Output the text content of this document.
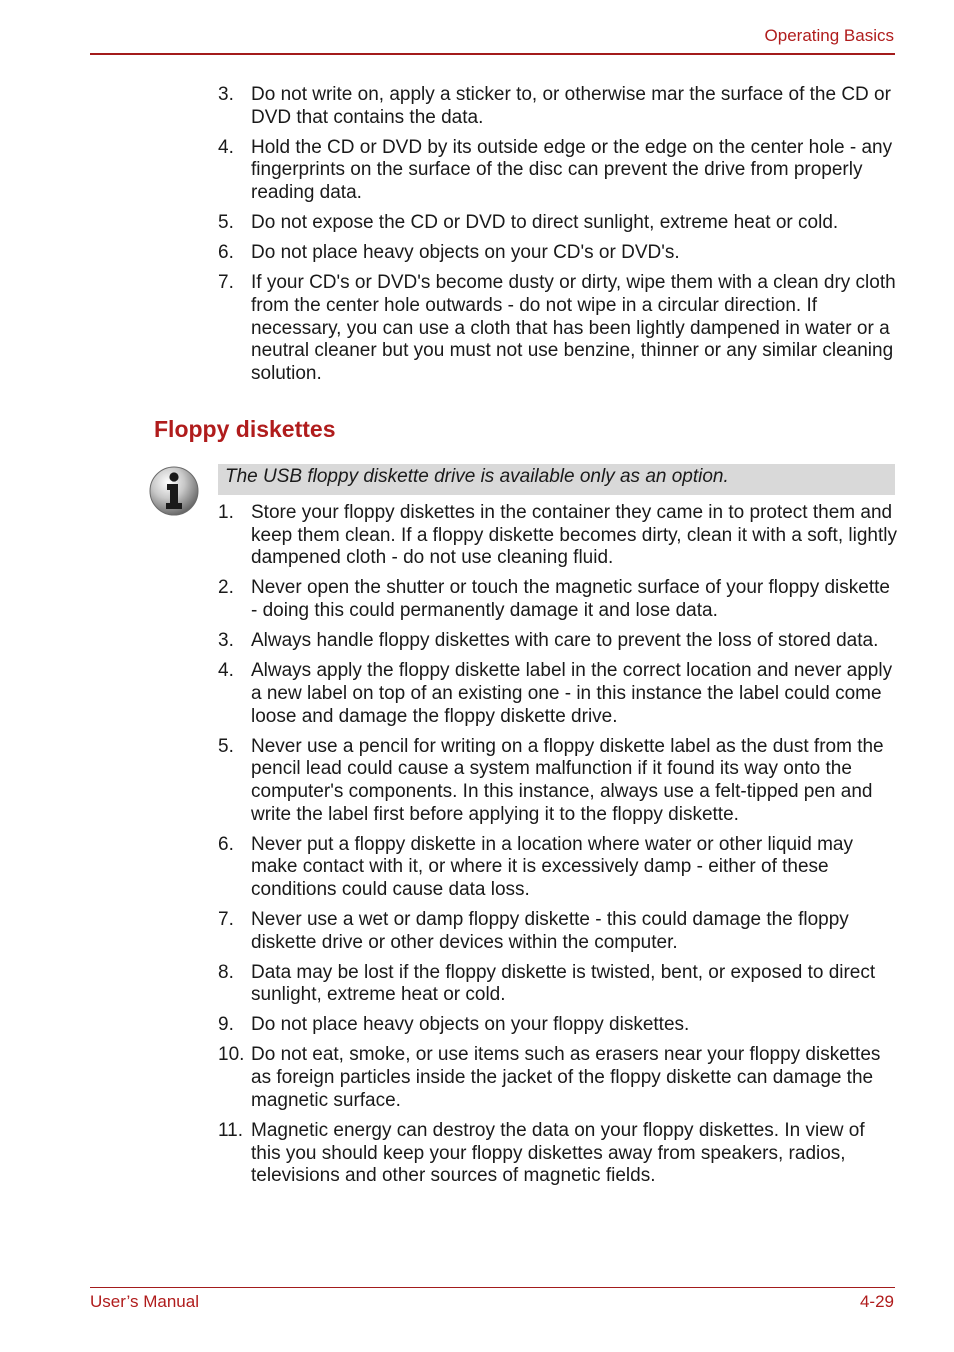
Operating Basics
3. Do not write on, apply a sticker to, or otherwise mar the surface of the CD or DVD that contains the data.
4. Hold the CD or DVD by its outside edge or the edge on the center hole - any fingerprints on the surface of the disc can prevent the drive from properly reading data.
5. Do not expose the CD or DVD to direct sunlight, extreme heat or cold.
6. Do not place heavy objects on your CD's or DVD's.
7. If your CD's or DVD's become dusty or dirty, wipe them with a clean dry cloth from the center hole outwards - do not wipe in a circular direction. If necessary, you can use a cloth that has been lightly dampened in water or a neutral cleaner but you must not use benzine, thinner or any similar cleaning solution.
Floppy diskettes
The USB floppy diskette drive is available only as an option.
1. Store your floppy diskettes in the container they came in to protect them and keep them clean. If a floppy diskette becomes dirty, clean it with a soft, lightly dampened cloth - do not use cleaning fluid.
2. Never open the shutter or touch the magnetic surface of your floppy diskette - doing this could permanently damage it and lose data.
3. Always handle floppy diskettes with care to prevent the loss of stored data.
4. Always apply the floppy diskette label in the correct location and never apply a new label on top of an existing one - in this instance the label could come loose and damage the floppy diskette drive.
5. Never use a pencil for writing on a floppy diskette label as the dust from the pencil lead could cause a system malfunction if it found its way onto the computer's components. In this instance, always use a felt-tipped pen and write the label first before applying it to the floppy diskette.
6. Never put a floppy diskette in a location where water or other liquid may make contact with it, or where it is excessively damp - either of these conditions could cause data loss.
7. Never use a wet or damp floppy diskette - this could damage the floppy diskette drive or other devices within the computer.
8. Data may be lost if the floppy diskette is twisted, bent, or exposed to direct sunlight, extreme heat or cold.
9. Do not place heavy objects on your floppy diskettes.
10. Do not eat, smoke, or use items such as erasers near your floppy diskettes as foreign particles inside the jacket of the floppy diskette can damage the magnetic surface.
11. Magnetic energy can destroy the data on your floppy diskettes. In view of this you should keep your floppy diskettes away from speakers, radios, televisions and other sources of magnetic fields.
User’s Manual	4-29
